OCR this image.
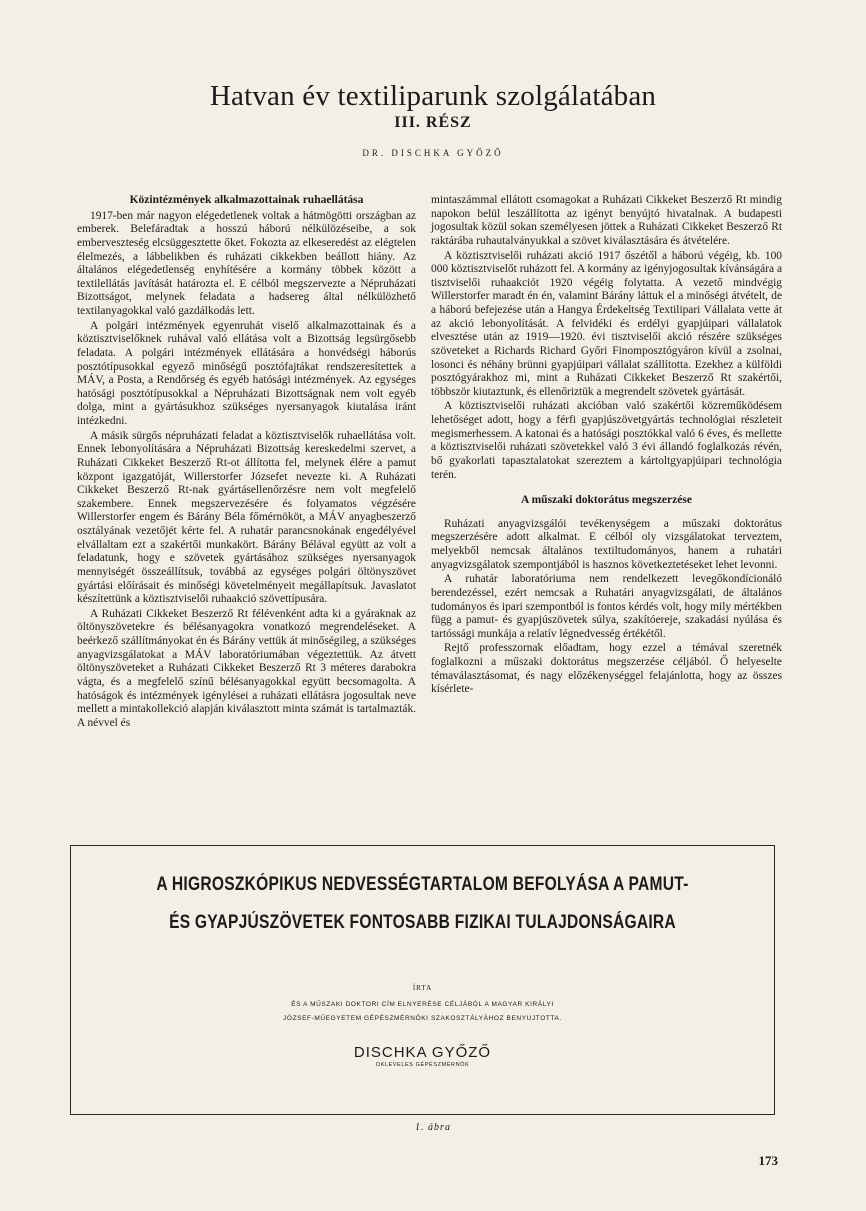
Hatvan év textiliparunk szolgálatában
III. RÉSZ
DR. DISCHKA GYŐZŐ
Közintézmények alkalmazottainak ruhaellátása

1917-ben már nagyon elégedetlenek voltak a hátmögötti országban az emberek. Belefáradtak a hosszú háború nélkülözéseibe, a sok emberveszteség elcsüggesztette őket. Fokozta az elkeseredést az elégtelen élelmezés, a lábbelikben és ruházati cikkekben beállott hiány. Az általános elégedetlenség enyhítésére a kormány többek között a textilellátás javítását határozta el. E célból megszervezte a Népruházati Bizottságot, melynek feladata a hadsereg által nélkülözhető textilanyagokkal való gazdálkodás lett.

A polgári intézmények egyenruhát viselő alkalmazottainak és a köztisztviselőknek ruhával való ellátása volt a Bizottság legsürgősebb feladata. A polgári intézmények ellátására a honvédségi háborús posztótípusokkal egyező minőségű posztófajtákat rendszeresítettek a MÁV, a Posta, a Rendőrség és egyéb hatósági intézmények. Az egységes hatósági posztótípusokkal a Népruházati Bizottságnak nem volt egyéb dolga, mint a gyártásukhoz szükséges nyersanyagok kiutalása iránt intézkedni.

A másik sürgős népruházati feladat a köztisztviselők ruhaellátása volt. Ennek lebonyolítására a Népruházati Bizottság kereskedelmi szervet, a Ruházati Cikkeket Beszerző Rt-ot állította fel, melynek élére a pamut központ igazgatóját, Willerstorfer Józsefet nevezte ki. A Ruházati Cikkeket Beszerző Rt-nak gyártásellenőrzésre nem volt megfelelő szakembere. Ennek megszervezésére és folyamatos végzésére Willerstorfer engem és Bárány Béla főmérnököt, a MÁV anyagbeszerző osztályának vezetőjét kérte fel. A ruhatár parancsnokának engedélyével elvállaltam ezt a szakértői munkakört. Bárány Bélával együtt az volt a feladatunk, hogy e szövetek gyártásához szükséges nyersanyagok mennyiségét összeállítsuk, továbbá az egységes polgári öltönyszövet gyártási előírásait és minőségi követelményeit megállapítsuk. Javaslatot készítettünk a köztisztviselői ruhaakció szövettípusára.

A Ruházati Cikkeket Beszerző Rt félévenként adta ki a gyáraknak az öltönyszövetekre és bélésanyagokra vonatkozó megrendeléseket. A beérkező szállítmányokat én és Bárány vettük át minőségileg, a szükséges anyagvizsgálatokat a MÁV laboratóriumában végeztettük. Az átvett öltönyszöveteket a Ruházati Cikkeket Beszerző Rt 3 méteres darabokra vágta, és a megfelelő színű bélésanyagokkal együtt becsomagolta. A hatóságok és intézmények igénylései a ruházati ellátásra jogosultak neve mellett a mintakollekció alapján kiválasztott minta számát is tartalmazták. A névvel és

mintaszámmal ellátott csomagokat a Ruházati Cikkeket Beszerző Rt mindig napokon belül leszállította az igényt benyújtó hivatalnak. A budapesti jogosultak közül sokan személyesen jöttek a Ruházati Cikkeket Beszerző Rt raktárába ruhautalványukkal a szövet kiválasztására és átvételére.

A köztisztviselői ruházati akció 1917 őszétől a háború végéig, kb. 100 000 köztisztviselőt ruházott fel. A kormány az igényjogosultak kívánságára a tisztviselői ruhaakciót 1920 végéig folytatta. A vezető mindvégig Willerstorfer maradt én én, valamint Bárány láttuk el a minőségi átvételt, de a háború befejezése után a Hangya Érdekeltség Textilipari Vállalata vette át az akció lebonyolítását. A felvidéki és erdélyi gyapjúipari vállalatok elvesztése után az 1919—1920. évi tisztviselői akció részére szükséges szöveteket a Richards Richard Győri Finomposztógyáron kívül a zsolnai, losonci és néhány brünni gyapjúipari vállalat szállította. Ezekhez a külföldi posztógyárakhoz mi, mint a Ruházati Cikkeket Beszerző Rt szakértői, többször kiutaztunk, és ellenőriztük a megrendelt szövetek gyártását.

A köztisztviselői ruházati akcióban való szakértői közreműködésem lehetőséget adott, hogy a férfi gyapjúszövetgyártás technológiai részleteit megismerhessem. A katonai és a hatósági posztókkal való 6 éves, és mellette a köztisztviselői ruházati szövetekkel való 3 évi állandó foglalkozás révén, bő gyakorlati tapasztalatokat szereztem a kártoltgyapjúipari technológia terén.

A műszaki doktorátus megszerzése

Ruházati anyagvizsgálói tevékenységem a műszaki doktorátus megszerzésére adott alkalmat. E célból oly vizsgálatokat terveztem, melyekből nemcsak általános textiltudományos, hanem a ruhatári anyagvizsgálatok szempontjából is hasznos következtetéseket lehet levonni.

A ruhatár laboratóriuma nem rendelkezett levegőkondícionáló berendezéssel, ezért nemcsak a Ruhatári anyagvizsgálati, de általános tudományos és ipari szempontból is fontos kérdés volt, hogy mily mértékben függ a pamut- és gyapjúszövetek súlya, szakítóereje, szakadási nyúlása és tartóssági munkája a relatív légnedvesség értékétől.

Rejtő professzornak előadtam, hogy ezzel a témával szeretnék foglalkozni a műszaki doktorátus megszerzése céljából. Ő helyeselte témaválasztásomat, és nagy előzékenységgel felajánlotta, hogy az összes kísérlete-

A HIGROSZKÓPIKUS NEDVESSÉGTARTALOM BEFOLYÁSA A PAMUT-
ÉS GYAPJÚSZÖVETEK FONTOSABB FIZIKAI TULAJDONSÁGAIRA
ÍRTA
ÉS A MŰSZAKI DOKTORI CÍM ELNYERÉSE CÉLJÁBÓL A MAGYAR KIRÁLYI
JÓZSEF-MŰEGYETEM GÉPÉSZMÉRNÖKI SZAKOSZTÁLYÁHOZ BENYUJTOTTA.
DISCHKA GYŐZŐ
OKLEVELES GÉPÉSZMÉRNÖK
1. ábra
173
